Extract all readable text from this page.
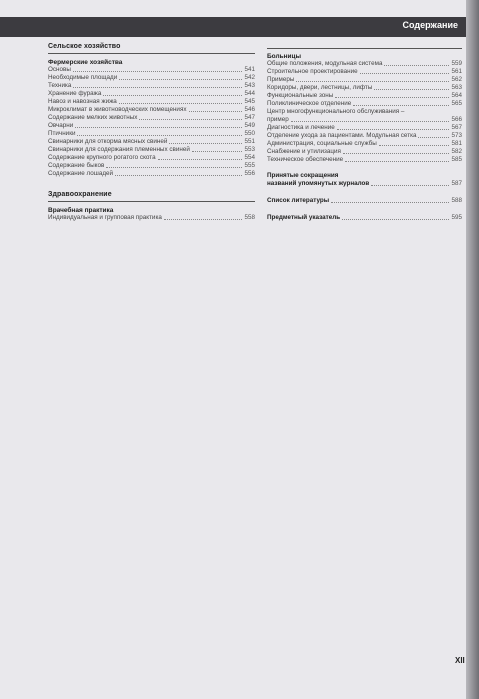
Содержание
Сельское хозяйство
Фермерские хозяйства
Основы	541
Необходимые площади	542
Техника	543
Хранение фуража	544
Навоз и навозная жижа	545
Микроклимат в животноводческих помещениях	546
Содержание мелких животных	547
Овчарни	549
Птичники	550
Свинарники для откорма мясных свиней	551
Свинарники для содержания племенных свиней	553
Содержание крупного рогатого скота	554
Содержание быков	555
Содержание лошадей	556
Здравоохранение
Врачебная практика
Индивидуальная и групповая практика	558
Больницы
Общие положения, модульная система	559
Строительное проектирование	561
Примеры	562
Коридоры, двери, лестницы, лифты	563
Функциональные зоны	564
Поликлиническое отделение	565
Центр многофункционального обслуживания –
пример	566
Диагностика и лечение	567
Отделение ухода за пациентами. Модульная сетка	573
Администрация, социальные службы	581
Снабжение и утилизация	582
Техническое обеспечение	585
Принятые сокращения
названий упомянутых журналов	587
Список литературы	588
Предметный указатель	595
XII
